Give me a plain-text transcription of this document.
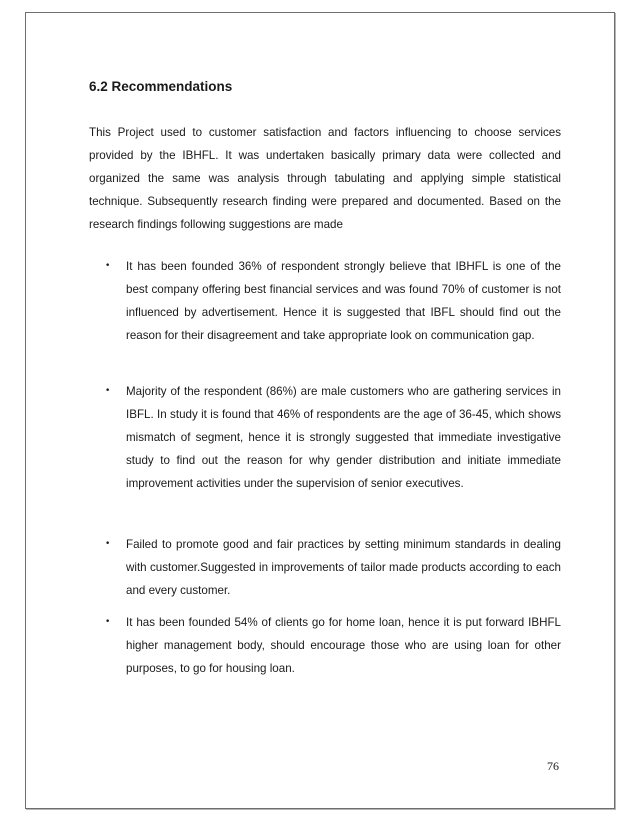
6.2 Recommendations

This Project used to customer satisfaction and factors influencing to choose services provided by the IBHFL. It was undertaken basically primary data were collected and organized the same was analysis through tabulating and applying simple statistical technique. Subsequently research finding were prepared and documented. Based on the research findings following suggestions are made

• It has been founded 36% of respondent strongly believe that IBHFL is one of the best company offering best financial services and was found 70% of customer is not influenced by advertisement. Hence it is suggested that IBFL should find out the reason for their disagreement and take appropriate look on communication gap.

• Majority of the respondent (86%) are male customers who are gathering services in IBFL. In study it is found that 46% of respondents are the age of 36-45, which shows mismatch of segment, hence it is strongly suggested that immediate investigative study to find out the reason for why gender distribution and initiate immediate improvement activities under the supervision of senior executives.

• Failed to promote good and fair practices by setting minimum standards in dealing with customer.Suggested in improvements of tailor made products according to each and every customer.

• It has been founded 54% of clients go for home loan, hence it is put forward IBHFL higher management body, should encourage those who are using loan for other purposes, to go for housing loan.

76
